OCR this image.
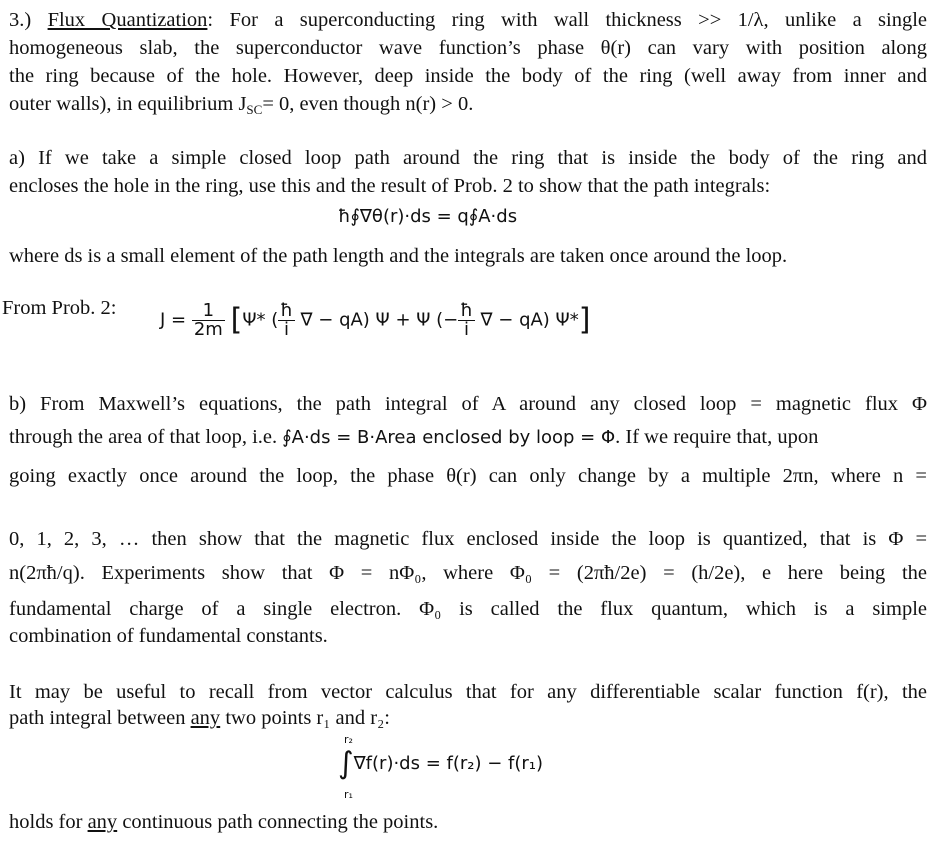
3.) Flux Quantization: For a superconducting ring with wall thickness >> 1/λ, unlike a single
homogeneous slab, the superconductor wave function’s phase θ(r) can vary with position along
the ring because of the hole. However, deep inside the body of the ring (well away from inner and
outer walls), in equilibrium $J_{SC}= 0$, even though n(r) > 0.
a) If we take a simple closed loop path around the ring that is inside the body of the ring and
encloses the hole in the ring, use this and the result of Prob. 2 to show that the path integrals:
ħ∮∇θ(r)·ds = q∮A·ds
where ds is a small element of the path length and the integrals are taken once around the loop.
From Prob. 2:
$J = \frac{1}{2m} [\Psi*$ ( $\frac{ħ}{i}$ ∇ − qA) Ψ + Ψ (− $\frac{ħ}{i}$ ∇ − qA) Ψ*]
b) From Maxwell’s equations, the path integral of A around any closed loop = magnetic flux Φ
through the area of that loop, i.e. ∮A·ds = B·Area enclosed by loop = Φ. If we require that, upon
going exactly once around the loop, the phase θ(r) can only change by a multiple 2πn, where n =
0, 1, 2, 3, … then show that the magnetic flux enclosed inside the loop is quantized, that is Φ =
n(2πħ/q). Experiments show that Φ = nΦ₀, where Φ₀ = (2πħ/2e) = (h/2e), e here being the
fundamental charge of a single electron. Φ₀ is called the flux quantum, which is a simple
combination of fundamental constants.
It may be useful to recall from vector calculus that for any differentiable scalar function f(r), the
path integral between any two points r₁ and r₂:
r₂
∫∇f(r)·ds = f(r₂) − f(r₁)
r₁
holds for any continuous path connecting the points.
